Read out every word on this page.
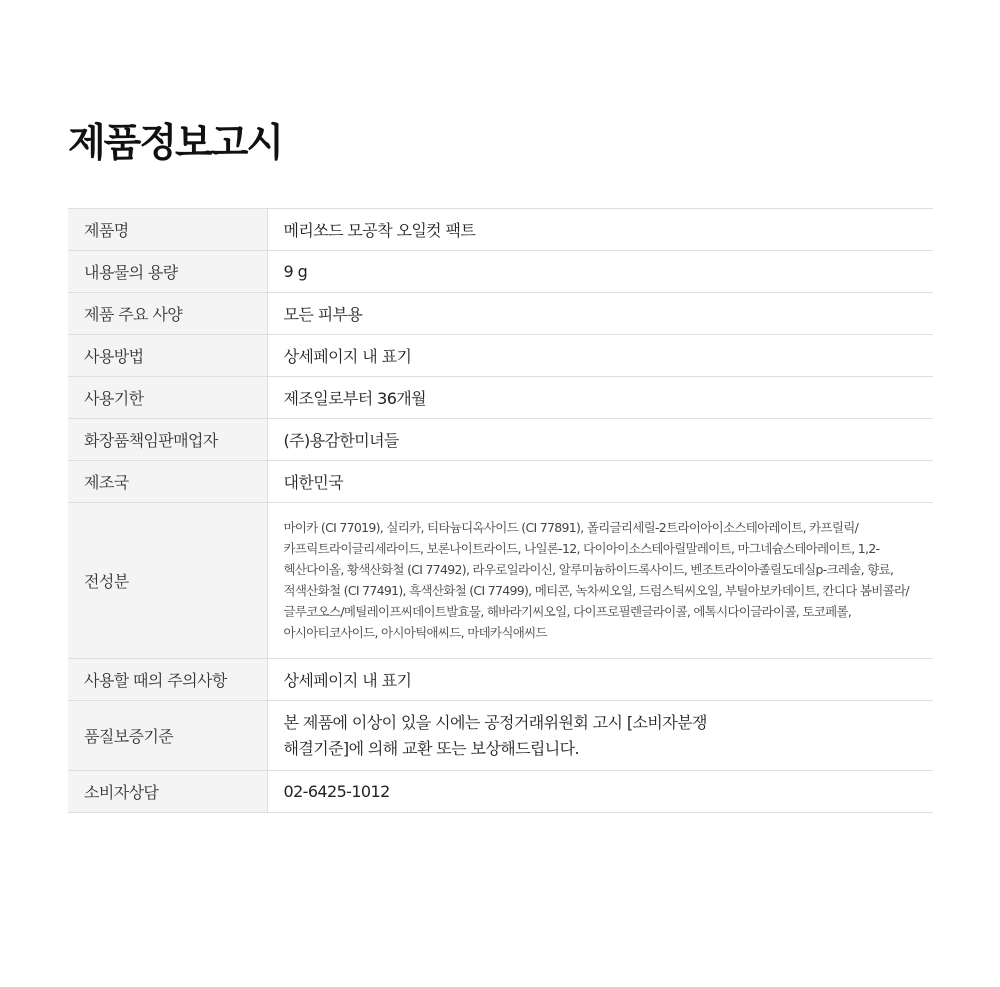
제품정보고시
제품명	메리쏘드 모공착 오일컷 팩트
내용물의 용량	9 g
제품 주요 사양	모든 피부용
사용방법	상세페이지 내 표기
사용기한	제조일로부터 36개월
화장품책임판매업자	(주)용감한미녀들
제조국	대한민국
전성분	마이카 (CI 77019), 실리카, 티타늄디옥사이드 (CI 77891), 폴리글리세릴-2트라이아이소스테아레이트, 카프릴릭/카프릭트라이글리세라이드, 보론나이트라이드, 나일론-12, 다이아이소스테아릴말레이트, 마그네슘스테아레이트, 1,2-헥산다이올, 황색산화철 (CI 77492), 라우로일라이신, 알루미늄하이드록사이드, 벤조트라이아졸릴도데실p-크레솔, 향료, 적색산화철 (CI 77491), 흑색산화철 (CI 77499), 메티콘, 녹차씨오일, 드럼스틱씨오일, 부틸아보카데이트, 칸디다 봄비콜라/글루코오스/메틸레이프씨데이트발효물, 해바라기씨오일, 다이프로필렌글라이콜, 에톡시다이글라이콜, 토코페롤, 아시아티코사이드, 아시아틱애씨드, 마데카식애씨드
사용할 때의 주의사항	상세페이지 내 표기
품질보증기준	본 제품에 이상이 있을 시에는 공정거래위원회 고시 [소비자분쟁
해결기준]에 의해 교환 또는 보상해드립니다.

소비자상담	02-6425-1012
